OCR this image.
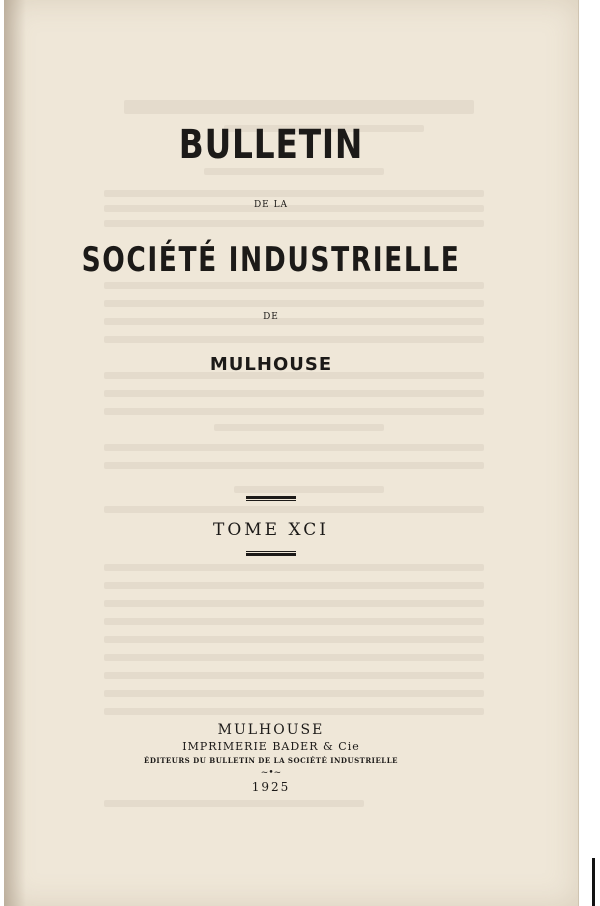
BULLETIN
DE LA
SOCIÉTÉ INDUSTRIELLE
DE
MULHOUSE
TOME XCI
MULHOUSE
IMPRIMERIE BADER & Cie
ÉDITEURS DU BULLETIN DE LA SOCIÉTÉ INDUSTRIELLE
~•~
1925
